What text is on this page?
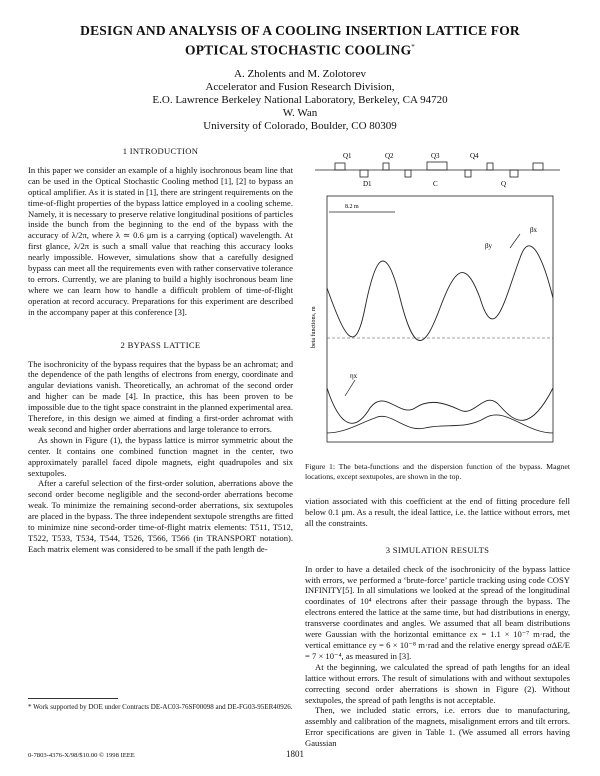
DESIGN AND ANALYSIS OF A COOLING INSERTION LATTICE FOR
OPTICAL STOCHASTIC COOLING*
A. Zholents and M. Zolotorev
Accelerator and Fusion Research Division,
E.O. Lawrence Berkeley National Laboratory, Berkeley, CA 94720
W. Wan
University of Colorado, Boulder, CO 80309
1 INTRODUCTION

In this paper we consider an example of a highly isochronous beam line that can be used in the Optical Stochastic Cooling method [1], [2] to bypass an optical amplifier. As it is stated in [1], there are stringent requirements on the time-of-flight properties of the bypass lattice employed in a cooling scheme. Namely, it is necessary to preserve relative longitudinal positions of particles inside the bunch from the beginning to the end of the bypass with the accuracy of λ/2π, where λ ≃ 0.6 μm is a carrying (optical) wavelength. At first glance, λ/2π is such a small value that reaching this accuracy looks nearly impossible. However, simulations show that a carefully designed bypass can meet all the requirements even with rather conservative tolerance to errors. Currently, we are planing to build a highly isochronous beam line where we can learn how to handle a difficult problem of time-of-flight operation at record accuracy. Preparations for this experiment are described in the accompany paper at this conference [3].

2 BYPASS LATTICE

The isochronicity of the bypass requires that the bypass be an achromat; and the dependence of the path lengths of electrons from energy, coordinate and angular deviations vanish. Theoretically, an achromat of the second order and higher can be made [4]. In practice, this has been proven to be impossible due to the tight space constraint in the planned experimental area. Therefore, in this design we aimed at finding a first-order achromat with weak second and higher order aberrations and large tolerance to errors.

As shown in Figure (1), the bypass lattice is mirror symmetric about the center. It contains one combined function magnet in the center, two approximately parallel faced dipole magnets, eight quadrupoles and six sextupoles.

After a careful selection of the first-order solution, aberrations above the second order become negligible and the second-order aberrations become weak. To minimize the remaining second-order aberrations, six sextupoles are placed in the bypass. The three independent sextupole strengths are fitted to minimize nine second-order time-of-flight matrix elements: T511, T512, T522, T533, T534, T544, T526, T566, T566 (in TRANSPORT notation). Each matrix element was considered to be small if the path length de-

Q1	Q2	Q3	Q4
D1	C	Q
beta functions, m
8.2 m
βx
βy
ηx
Figure 1: The beta-functions and the dispersion function of the bypass. Magnet locations, except sextupoles, are shown in the top.

viation associated with this coefficient at the end of fitting procedure fell below 0.1 μm. As a result, the ideal lattice, i.e. the lattice without errors, met all the constraints.

3 SIMULATION RESULTS

In order to have a detailed check of the isochronicity of the bypass lattice with errors, we performed a ‘brute-force’ particle tracking using code COSY INFINITY[5]. In all simulations we looked at the spread of the longitudinal coordinates of 10⁴ electrons after their passage through the bypass. The electrons entered the lattice at the same time, but had distributions in energy, transverse coordinates and angles. We assumed that all beam distributions were Gaussian with the horizontal emittance εx = 1.1 × 10⁻⁷ m·rad, the vertical emittance εy = 6 × 10⁻⁸ m·rad and the relative energy spread σΔE/E = 7 × 10⁻⁴, as measured in [3].

At the beginning, we calculated the spread of path lengths for an ideal lattice without errors. The result of simulations with and without sextupoles correcting second order aberrations is shown in Figure (2). Without sextupoles, the spread of path lengths is not acceptable.

Then, we included static errors, i.e. errors due to manufacturing, assembly and calibration of the magnets, misalignment errors and tilt errors. Error specifications are given in Table 1. (We assumed all errors having Gaussian

* Work supported by DOE under Contracts DE-AC03-76SF00098 and DE-FG03-95ER40926.
0-7803-4376-X/98/$10.00 © 1998 IEEE	1801
